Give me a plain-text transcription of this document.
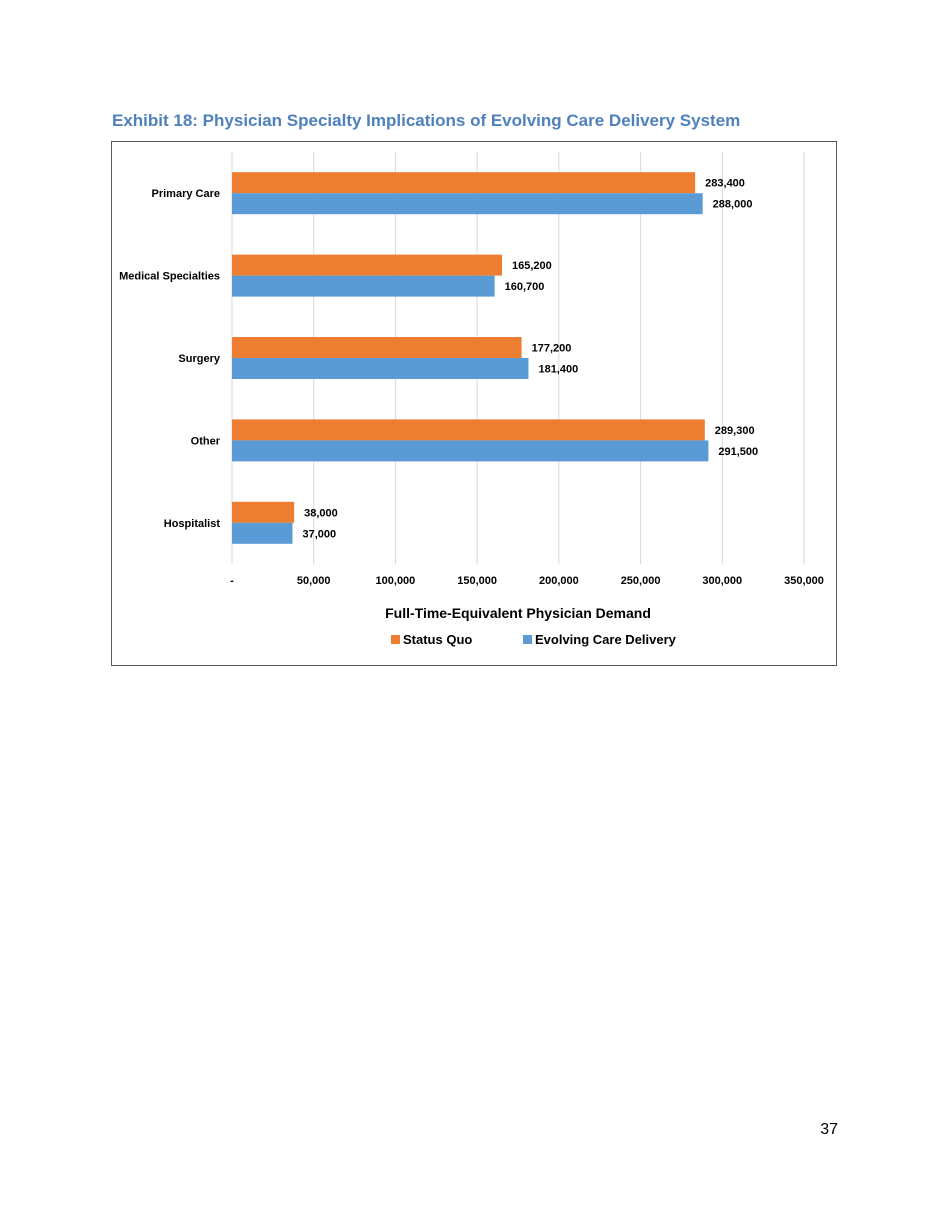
Exhibit 18: Physician Specialty Implications of Evolving Care Delivery System
Primary Care
283,400
288,000
Medical Specialties
165,200
160,700
Surgery
177,200
181,400
Other
289,300
291,500
Hospitalist
38,000
37,000
-	50,000	100,000	150,000	200,000	250,000	300,000	350,000
Full-Time-Equivalent Physician Demand
Status Quo	Evolving Care Delivery
37
